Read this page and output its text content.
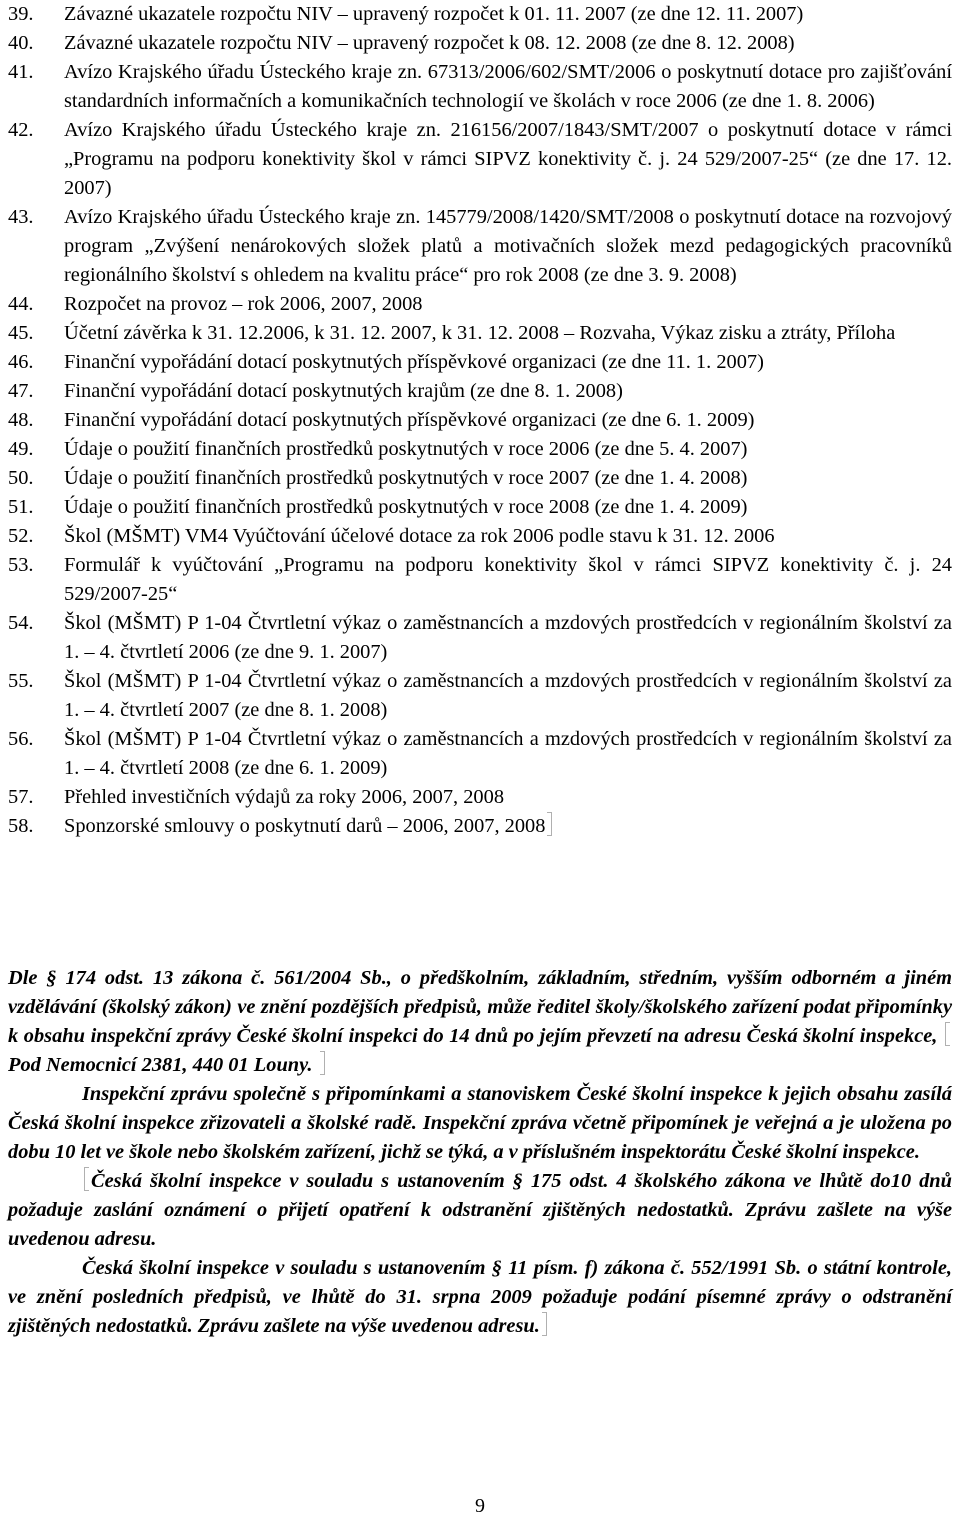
39. Závazné ukazatele rozpočtu NIV – upravený rozpočet k 01. 11. 2007 (ze dne 12. 11. 2007)
40. Závazné ukazatele rozpočtu NIV – upravený rozpočet k 08. 12. 2008 (ze dne 8. 12. 2008)
41. Avízo Krajského úřadu Ústeckého kraje zn. 67313/2006/602/SMT/2006 o poskytnutí dotace pro zajišťování standardních informačních a komunikačních technologií ve školách v roce 2006 (ze dne 1. 8. 2006)
42. Avízo Krajského úřadu Ústeckého kraje zn. 216156/2007/1843/SMT/2007 o poskytnutí dotace v rámci „Programu na podporu konektivity škol v rámci SIPVZ konektivity č. j. 24 529/2007-25“ (ze dne 17. 12. 2007)
43. Avízo Krajského úřadu Ústeckého kraje zn. 145779/2008/1420/SMT/2008 o poskytnutí dotace na rozvojový program „Zvýšení nenárokových složek platů a motivačních složek mezd pedagogických pracovníků regionálního školství s ohledem na kvalitu práce“ pro rok 2008 (ze dne 3. 9. 2008)
44. Rozpočet na provoz – rok 2006, 2007, 2008
45. Účetní závěrka k 31. 12.2006, k 31. 12. 2007, k 31. 12. 2008 – Rozvaha, Výkaz zisku a ztráty, Příloha
46. Finanční vypořádání dotací poskytnutých příspěvkové organizaci (ze dne 11. 1. 2007)
47. Finanční vypořádání dotací poskytnutých krajům (ze dne 8. 1. 2008)
48. Finanční vypořádání dotací poskytnutých příspěvkové organizaci (ze dne 6. 1. 2009)
49. Údaje o použití finančních prostředků poskytnutých v roce 2006 (ze dne 5. 4. 2007)
50. Údaje o použití finančních prostředků poskytnutých v roce 2007 (ze dne 1. 4. 2008)
51. Údaje o použití finančních prostředků poskytnutých v roce 2008 (ze dne 1. 4. 2009)
52. Škol (MŠMT) VM4 Vyúčtování účelové dotace za rok 2006 podle stavu k 31. 12. 2006
53. Formulář k vyúčtování „Programu na podporu konektivity škol v rámci SIPVZ konektivity č. j. 24 529/2007-25“
54. Škol (MŠMT) P 1-04 Čtvrtletní výkaz o zaměstnancích a mzdových prostředcích v regionálním školství za 1. – 4. čtvrtletí 2006 (ze dne 9. 1. 2007)
55. Škol (MŠMT) P 1-04 Čtvrtletní výkaz o zaměstnancích a mzdových prostředcích v regionálním školství za 1. – 4. čtvrtletí 2007 (ze dne 8. 1. 2008)
56. Škol (MŠMT) P 1-04 Čtvrtletní výkaz o zaměstnancích a mzdových prostředcích v regionálním školství za 1. – 4. čtvrtletí 2008 (ze dne 6. 1. 2009)
57. Přehled investičních výdajů za roky 2006, 2007, 2008
58. Sponzorské smlouvy o poskytnutí darů – 2006, 2007, 2008

Dle § 174 odst. 13 zákona č. 561/2004 Sb., o předškolním, základním, středním, vyšším odborném a jiném vzdělávání (školský zákon) ve znění pozdějších předpisů, může ředitel školy/školského zařízení podat připomínky k obsahu inspekční zprávy České školní inspekci do 14 dnů po jejím převzetí na adresu Česká školní inspekce, Pod Nemocnicí 2381, 440 01 Louny.

Inspekční zprávu společně s připomínkami a stanoviskem České školní inspekce k jejich obsahu zasílá Česká školní inspekce zřizovateli a školské radě. Inspekční zpráva včetně připomínek je veřejná a je uložena po dobu 10 let ve škole nebo školském zařízení, jichž se týká, a v příslušném inspektorátu České školní inspekce.

Česká školní inspekce v souladu s ustanovením § 175 odst. 4 školského zákona ve lhůtě do10 dnů požaduje zaslání oznámení o přijetí opatření k odstranění zjištěných nedostatků. Zprávu zašlete na výše uvedenou adresu.

Česká školní inspekce v souladu s ustanovením § 11 písm. f) zákona č. 552/1991 Sb. o státní kontrole, ve znění posledních předpisů, ve lhůtě do 31. srpna 2009 požaduje podání písemné zprávy o odstranění zjištěných nedostatků. Zprávu zašlete na výše uvedenou adresu.

9
